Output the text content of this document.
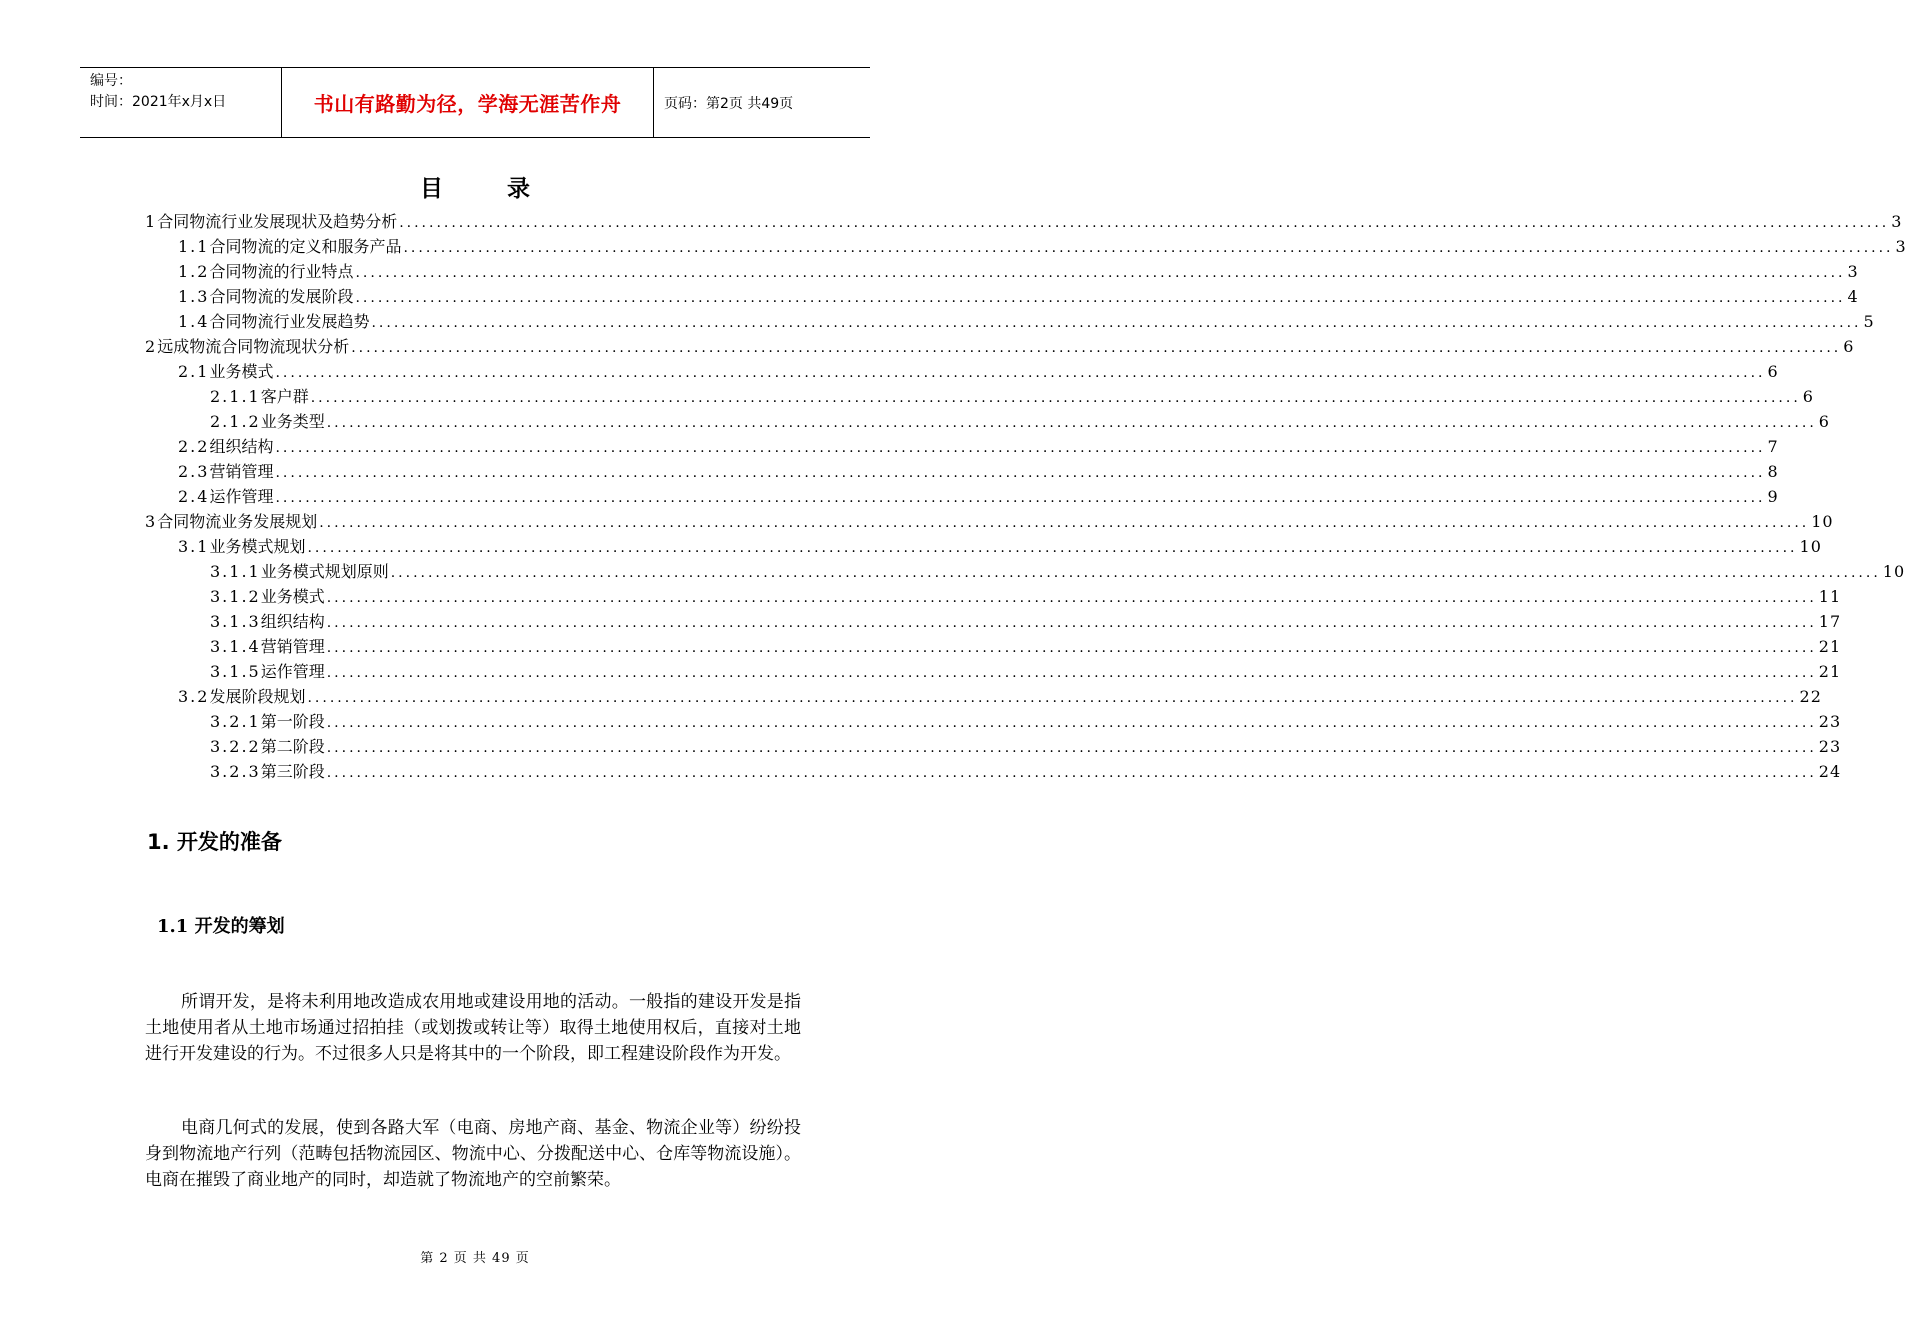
编号：
时间：2021年x月x日	书山有路勤为径，学海无涯苦作舟	页码：第2页 共49页
目 录
1 合同物流行业发展现状及趋势分析 ........................................................................................................................................................................................................ 3
1.1 合同物流的定义和服务产品 ........................................................................................................................................................................................................ 3
1.2 合同物流的行业特点 ........................................................................................................................................................................................................ 3
1.3 合同物流的发展阶段 ........................................................................................................................................................................................................ 4
1.4 合同物流行业发展趋势 ........................................................................................................................................................................................................ 5
2 远成物流合同物流现状分析 ........................................................................................................................................................................................................ 6
2.1 业务模式 ........................................................................................................................................................................................................ 6
2.1.1 客户群 ........................................................................................................................................................................................................ 6
2.1.2 业务类型 ........................................................................................................................................................................................................ 6
2.2 组织结构 ........................................................................................................................................................................................................ 7
2.3 营销管理 ........................................................................................................................................................................................................ 8
2.4 运作管理 ........................................................................................................................................................................................................ 9
3 合同物流业务发展规划 ........................................................................................................................................................................................................ 10
3.1 业务模式规划 ........................................................................................................................................................................................................ 10
3.1.1 业务模式规划原则 ........................................................................................................................................................................................................ 10
3.1.2 业务模式 ........................................................................................................................................................................................................ 11
3.1.3 组织结构 ........................................................................................................................................................................................................ 17
3.1.4 营销管理 ........................................................................................................................................................................................................ 21
3.1.5 运作管理 ........................................................................................................................................................................................................ 21
3.2 发展阶段规划 ........................................................................................................................................................................................................ 22
3.2.1 第一阶段 ........................................................................................................................................................................................................ 23
3.2.2 第二阶段 ........................................................................................................................................................................................................ 23
3.2.3 第三阶段 ........................................................................................................................................................................................................ 24
1. 开发的准备
1.1 开发的筹划

所谓开发，是将未利用地改造成农用地或建设用地的活动。一般指的建设开发是指土地使用者从土地市场通过招拍挂（或划拨或转让等）取得土地使用权后，直接对土地进行开发建设的行为。不过很多人只是将其中的一个阶段，即工程建设阶段作为开发。

电商几何式的发展，使到各路大军（电商、房地产商、基金、物流企业等）纷纷投身到物流地产行列（范畴包括物流园区、物流中心、分拨配送中心、仓库等物流设施）。电商在摧毁了商业地产的同时，却造就了物流地产的空前繁荣。

第 2 页 共 49 页
